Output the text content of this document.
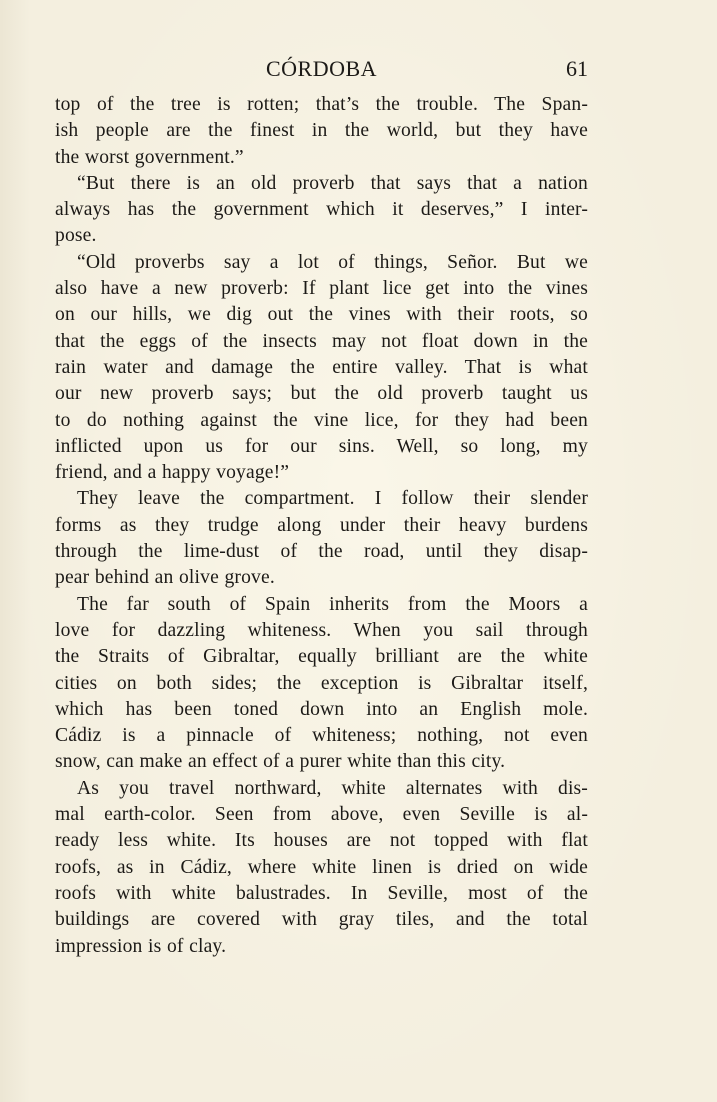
CÓRDOBA	61
top of the tree is rotten; that’s the trouble. The Span-
ish people are the finest in the world, but they have
the worst government.”
“But there is an old proverb that says that a nation
always has the government which it deserves,” I inter-
pose.
“Old proverbs say a lot of things, Señor. But we
also have a new proverb: If plant lice get into the vines
on our hills, we dig out the vines with their roots, so
that the eggs of the insects may not float down in the
rain water and damage the entire valley. That is what
our new proverb says; but the old proverb taught us
to do nothing against the vine lice, for they had been
inflicted upon us for our sins. Well, so long, my
friend, and a happy voyage!”
They leave the compartment. I follow their slender
forms as they trudge along under their heavy burdens
through the lime-dust of the road, until they disap-
pear behind an olive grove.
The far south of Spain inherits from the Moors a
love for dazzling whiteness. When you sail through
the Straits of Gibraltar, equally brilliant are the white
cities on both sides; the exception is Gibraltar itself,
which has been toned down into an English mole.
Cádiz is a pinnacle of whiteness; nothing, not even
snow, can make an effect of a purer white than this city.
As you travel northward, white alternates with dis-
mal earth-color. Seen from above, even Seville is al-
ready less white. Its houses are not topped with flat
roofs, as in Cádiz, where white linen is dried on wide
roofs with white balustrades. In Seville, most of the
buildings are covered with gray tiles, and the total
impression is of clay.
